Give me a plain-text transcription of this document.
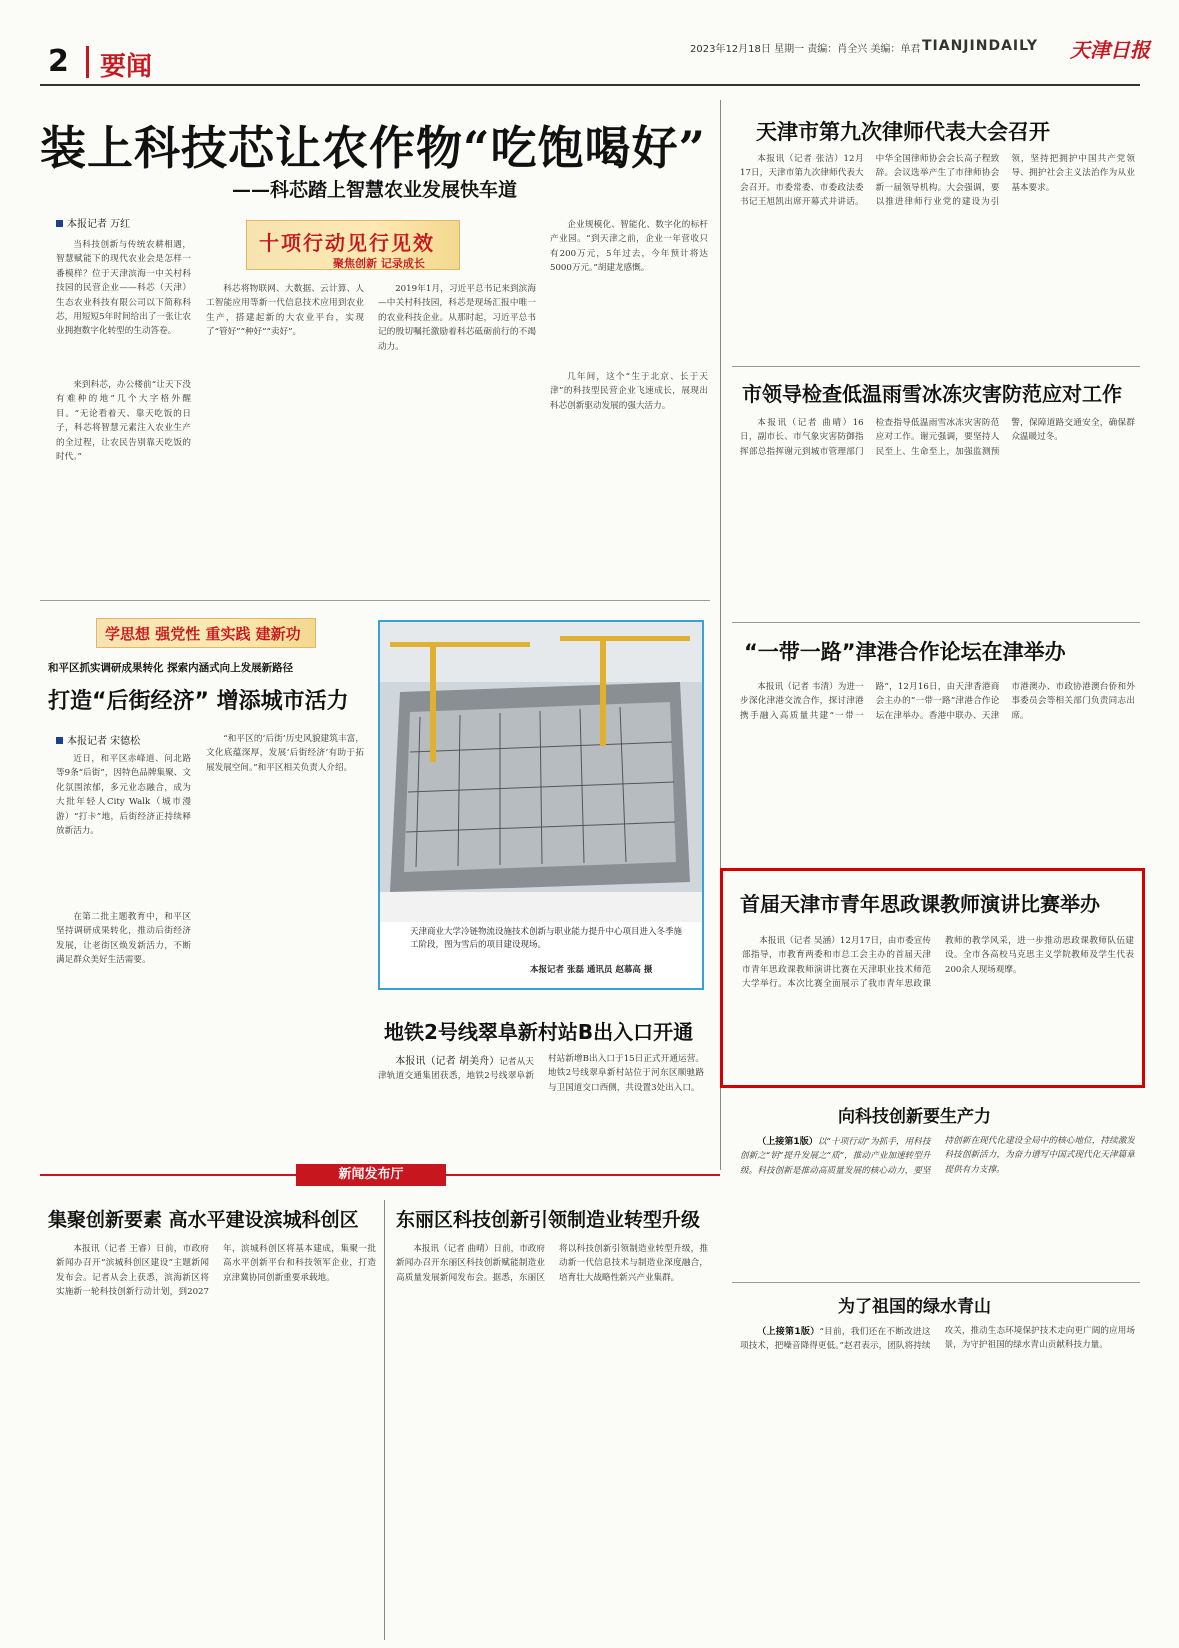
2 要闻
2023年12月18日 星期一 责编：肖全兴 美编：单君 TIANJINDAILY 天津日报
装上科技芯让农作物“吃饱喝好”
——科芯踏上智慧农业发展快车道
本报记者 万红
十项行动见行见效
聚焦创新 记录成长
当科技创新与传统农耕相遇，智慧赋能下的现代农业会是怎样一番模样？位于天津滨海一中关村科技园的民营企业——科芯（天津）生态农业科技有限公司以下简称科芯，用短短5年时间给出了一张让农业拥抱数字化转型的生动答卷。
来到科芯，办公楼前“让天下没有难种的地”几个大字格外醒目。“无论看着天、靠天吃饭的日子，科芯将智慧元素注入农业生产的全过程，让农民告别靠天吃饭的时代。”
科芯将物联网、大数据、云计算、人工智能应用等新一代信息技术应用到农业生产，搭建起新的大农业平台，实现了“管好”“种好”“卖好”。
2019年1月，习近平总书记来到滨海—中关村科技园，科芯是现场汇报中唯一的农业科技企业。从那时起，习近平总书记的殷切嘱托激励着科芯砥砺前行的不竭动力。
企业规模化、智能化、数字化的标杆产业园。“到天津之前，企业一年营收只有200万元，5年过去，今年预计将达5000万元。”胡建龙感慨。
几年间，这个“生于北京、长于天津”的科技型民营企业飞速成长，展现出科芯创新驱动发展的强大活力。
学思想 强党性 重实践 建新功
和平区抓实调研成果转化 探索内涵式向上发展新路径
打造“后街经济” 增添城市活力
本报记者 宋德松
近日，和平区赤峰道、问北路等9条“后街”，因特色品牌集聚、文化氛围浓郁，多元业态融合，成为大批年轻人City Walk（城市漫游）“打卡”地，后街经济正持续释放新活力。
在第二批主题教育中，和平区坚持调研成果转化，推动后街经济发展，让老街区焕发新活力，不断满足群众美好生活需要。
“和平区的‘后街’历史风貌建筑丰富，文化底蕴深厚，发展‘后街经济’有助于拓展发展空间。”和平区相关负责人介绍。
天津商业大学冷链物流设施技术创新与职业能力提升中心项目进入冬季施工阶段，图为雪后的项目建设现场。
本报记者 张磊 通讯员 赵慕高 摄
地铁2号线翠阜新村站B出入口开通
本报讯（记者 胡美舟）记者从天津轨道交通集团获悉，地铁2号线翠阜新村站新增B出入口于15日正式开通运营。地铁2号线翠阜新村站位于河东区顺驰路与卫国道交口西侧，共设置3处出入口。
天津市第九次律师代表大会召开
本报讯（记者 张洁）12月17日，天津市第九次律师代表大会召开。市委常委、市委政法委书记王旭凯出席开幕式并讲话。中华全国律师协会会长高子程致辞。会议选举产生了市律师协会新一届领导机构。大会强调，要以推进律师行业党的建设为引领，坚持把拥护中国共产党领导、拥护社会主义法治作为从业基本要求。
市领导检查低温雨雪冰冻灾害防范应对工作
本报讯（记者 曲晴）16日，副市长、市气象灾害防御指挥部总指挥谢元到城市管理部门检查指导低温雨雪冰冻灾害防范应对工作。谢元强调，要坚持人民至上、生命至上，加强监测预警，保障道路交通安全，确保群众温暖过冬。
“一带一路”津港合作论坛在津举办
本报讯（记者 韦清）为进一步深化津港交流合作，探讨津港携手融入高质量共建“一带一路”，12月16日，由天津香港商会主办的“一带一路”津港合作论坛在津举办。香港中联办、天津市港澳办、市政协港澳台侨和外事委员会等相关部门负责同志出席。
首届天津市青年思政课教师演讲比赛举办
本报讯（记者 吴涵）12月17日，由市委宣传部指导，市教育两委和市总工会主办的首届天津市青年思政课教师演讲比赛在天津职业技术师范大学举行。本次比赛全面展示了我市青年思政课教师的教学风采，进一步推动思政课教师队伍建设。全市各高校马克思主义学院教师及学生代表200余人现场观摩。
向科技创新要生产力
（上接第1版）以“十项行动”为抓手，用科技创新之“钥”提升发展之“质”，推动产业加速转型升级。科技创新是推动高质量发展的核心动力，要坚持创新在现代化建设全局中的核心地位，持续激发科技创新活力，为奋力谱写中国式现代化天津篇章提供有力支撑。
为了祖国的绿水青山
（上接第1版）“目前，我们还在不断改进这项技术，把噪音降得更低。”赵君表示，团队将持续攻关，推动生态环境保护技术走向更广阔的应用场景，为守护祖国的绿水青山贡献科技力量。
新闻发布厅
集聚创新要素 高水平建设滨城科创区
本报讯（记者 王睿）日前，市政府新闻办召开“滨城科创区建设”主题新闻发布会。记者从会上获悉，滨海新区将实施新一轮科技创新行动计划，到2027年，滨城科创区将基本建成，集聚一批高水平创新平台和科技领军企业，打造京津冀协同创新重要承载地。
东丽区科技创新引领制造业转型升级
本报讯（记者 曲晴）日前，市政府新闻办召开东丽区科技创新赋能制造业高质量发展新闻发布会。据悉，东丽区将以科技创新引领制造业转型升级，推动新一代信息技术与制造业深度融合，培育壮大战略性新兴产业集群。
